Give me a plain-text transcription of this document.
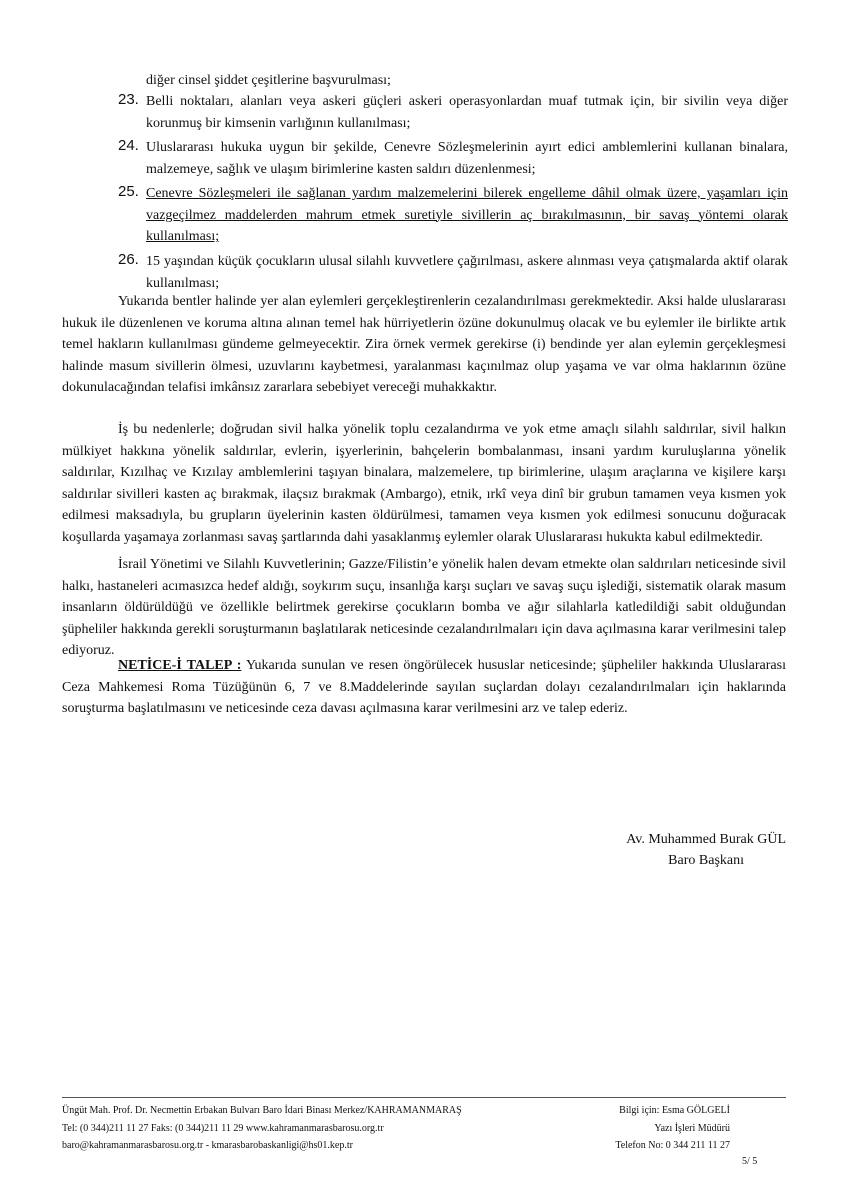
diğer cinsel şiddet çeşitlerine başvurulması;
23. Belli noktaları, alanları veya askeri güçleri askeri operasyonlardan muaf tutmak için, bir sivilin veya diğer korunmuş bir kimsenin varlığının kullanılması;
24. Uluslararası hukuka uygun bir şekilde, Cenevre Sözleşmelerinin ayırt edici amblemlerini kullanan binalara, malzemeye, sağlık ve ulaşım birimlerine kasten saldırı düzenlenmesi;
25. Cenevre Sözleşmeleri ile sağlanan yardım malzemelerini bilerek engelleme dâhil olmak üzere, yaşamları için vazgeçilmez maddelerden mahrum etmek suretiyle sivillerin aç bırakılmasının, bir savaş yöntemi olarak kullanılması;
26. 15 yaşından küçük çocukların ulusal silahlı kuvvetlere çağırılması, askere alınması veya çatışmalarda aktif olarak kullanılması;
Yukarıda bentler halinde yer alan eylemleri gerçekleştirenlerin cezalandırılması gerekmektedir. Aksi halde uluslararası hukuk ile düzenlenen ve koruma altına alınan temel hak hürriyetlerin özüne dokunulmuş olacak ve bu eylemler ile birlikte artık temel hakların kullanılması gündeme gelmeyecektir. Zira örnek vermek gerekirse (i) bendinde yer alan eylemin gerçekleşmesi halinde masum sivillerin ölmesi, uzuvlarını kaybetmesi, yaralanması kaçınılmaz olup yaşama ve var olma haklarının özüne dokunulacağından telafisi imkânsız zararlara sebebiyet vereceği muhakkaktır.
İş bu nedenlerle; doğrudan sivil halka yönelik toplu cezalandırma ve yok etme amaçlı silahlı saldırılar, sivil halkın mülkiyet hakkına yönelik saldırılar, evlerin, işyerlerinin, bahçelerin bombalanması, insani yardım kuruluşlarına yönelik saldırılar, Kızılhaç ve Kızılay amblemlerini taşıyan binalara, malzemelere, tıp birimlerine, ulaşım araçlarına ve kişilere karşı saldırılar sivilleri kasten aç bırakmak, ilaçsız bırakmak (Ambargo), etnik, ırkî veya dinî bir grubun tamamen veya kısmen yok edilmesi maksadıyla, bu grupların üyelerinin kasten öldürülmesi, tamamen veya kısmen yok edilmesi sonucunu doğuracak koşullarda yaşamaya zorlanması savaş şartlarında dahi yasaklanmış eylemler olarak Uluslararası hukukta kabul edilmektedir.
İsrail Yönetimi ve Silahlı Kuvvetlerinin; Gazze/Filistin’e yönelik halen devam etmekte olan saldırıları neticesinde sivil halkı, hastaneleri acımasızca hedef aldığı, soykırım suçu, insanlığa karşı suçları ve savaş suçu işlediği, sistematik olarak masum insanların öldürüldüğü ve özellikle belirtmek gerekirse çocukların bomba ve ağır silahlarla katledildiği sabit olduğundan şüpheliler hakkında gerekli soruşturmanın başlatılarak neticesinde cezalandırılmaları için dava açılmasına karar verilmesini talep ediyoruz.
NETİCE-İ TALEP : Yukarıda sunulan ve resen öngörülecek hususlar neticesinde; şüpheliler hakkında Uluslararası Ceza Mahkemesi Roma Tüzüğünün 6, 7 ve 8.Maddelerinde sayılan suçlardan dolayı cezalandırılmaları için haklarında soruşturma başlatılmasını ve neticesinde ceza davası açılmasına karar verilmesini arz ve talep ederiz.
Av. Muhammed Burak GÜL
Baro Başkanı
Üngüt Mah. Prof. Dr. Necmettin Erbakan Bulvarı Baro İdari Binası Merkez/KAHRAMANMARAŞ	Bilgi için: Esma GÖLGELİ
Tel: (0 344)211 11 27 Faks: (0 344)211 11 29 www.kahramanmarasbarosu.org.tr	Yazı İşleri Müdürü
baro@kahramanmarasbarosu.org.tr - kmarasbarobaskanligi@hs01.kep.tr	Telefon No: 0 344 211 11 27
5/ 5
